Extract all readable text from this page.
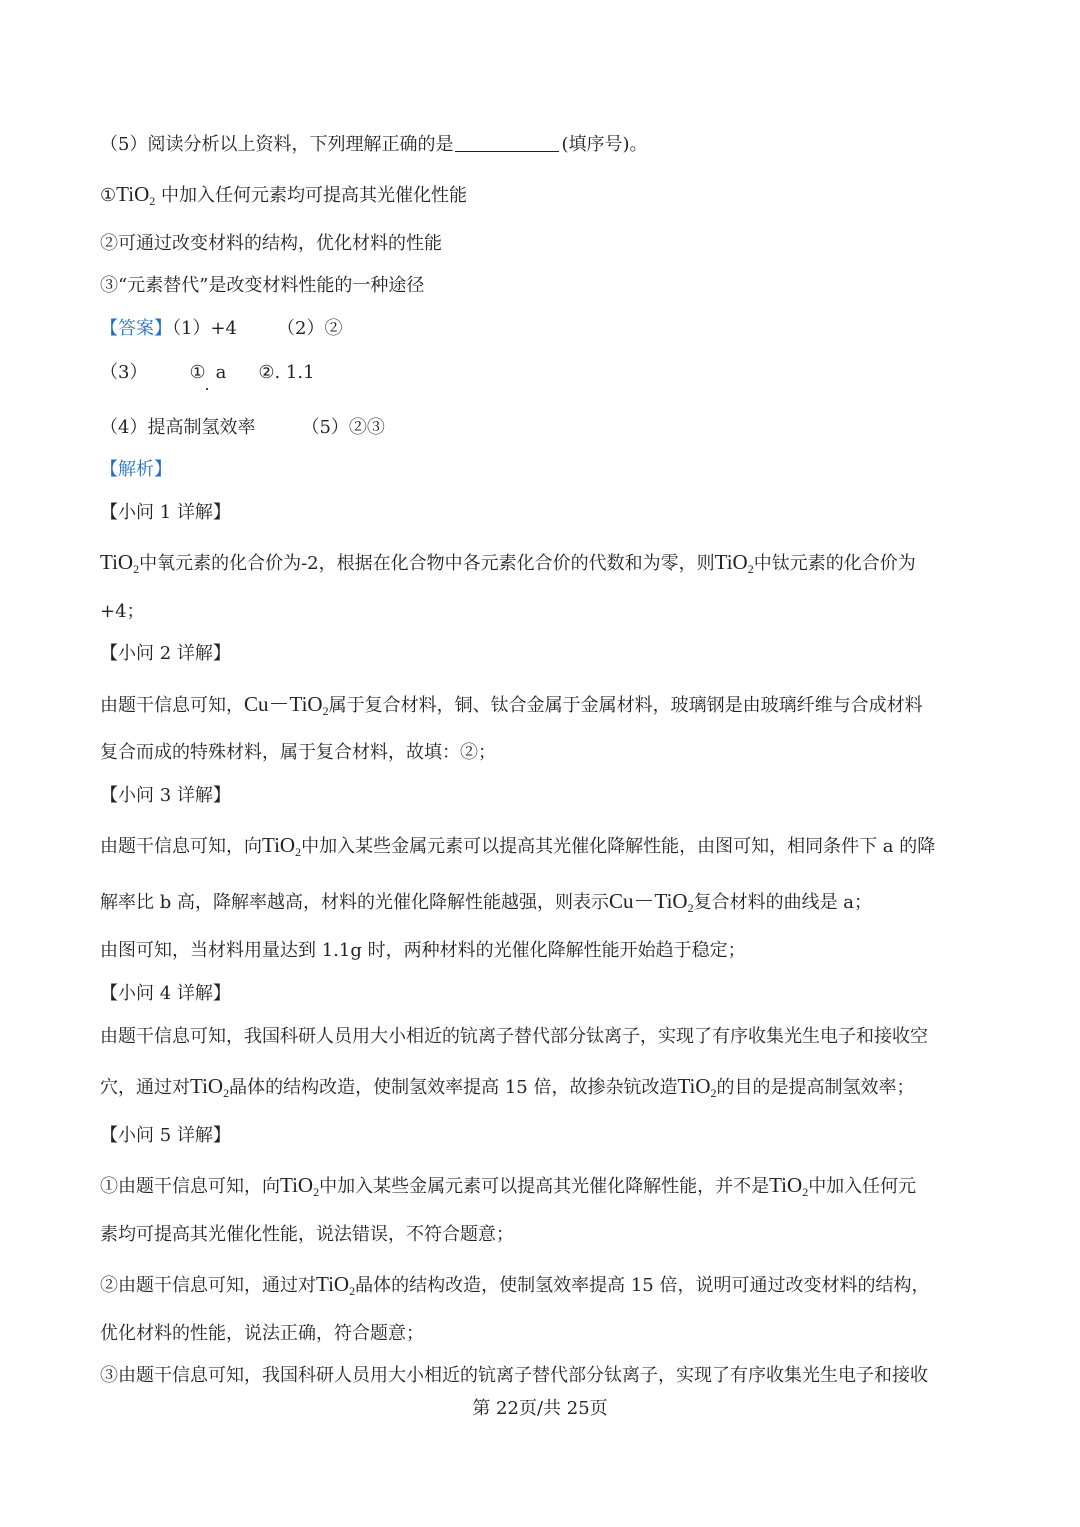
（5）阅读分析以上资料，下列理解正确的是	(填序号)。
①TiO$_2$ 中加入任何元素均可提高其光催化性能
②可通过改变材料的结构，优化材料的性能
③“元素替代”是改变材料性能的一种途径
【答案】（1）+4 （2）②
（3） ① a ②. 1.1
（4）提高制氢效率	（5）②③
【解析】
【小问 1 详解】
TiO$_2$中氧元素的化合价为-2，根据在化合物中各元素化合价的代数和为零，则TiO$_2$中钛元素的化合价为
+4；
【小问 2 详解】
由题干信息可知，Cu－TiO$_2$属于复合材料，铜、钛合金属于金属材料，玻璃钢是由玻璃纤维与合成材料
复合而成的特殊材料，属于复合材料，故填：②；
【小问 3 详解】
由题干信息可知，向TiO$_2$中加入某些金属元素可以提高其光催化降解性能，由图可知，相同条件下 a 的降
解率比 b 高，降解率越高，材料的光催化降解性能越强，则表示Cu－TiO$_2$复合材料的曲线是 a；
由图可知，当材料用量达到 1.1g 时，两种材料的光催化降解性能开始趋于稳定；
【小问 4 详解】
由题干信息可知，我国科研人员用大小相近的钪离子替代部分钛离子，实现了有序收集光生电子和接收空
穴，通过对TiO$_2$晶体的结构改造，使制氢效率提高 15 倍，故掺杂钪改造TiO$_2$的目的是提高制氢效率；
【小问 5 详解】
①由题干信息可知，向TiO$_2$中加入某些金属元素可以提高其光催化降解性能，并不是TiO$_2$中加入任何元
素均可提高其光催化性能，说法错误，不符合题意；
②由题干信息可知，通过对TiO$_2$晶体的结构改造，使制氢效率提高 15 倍，说明可通过改变材料的结构，
优化材料的性能，说法正确，符合题意；
③由题干信息可知，我国科研人员用大小相近的钪离子替代部分钛离子，实现了有序收集光生电子和接收
第 22页/共 25页
